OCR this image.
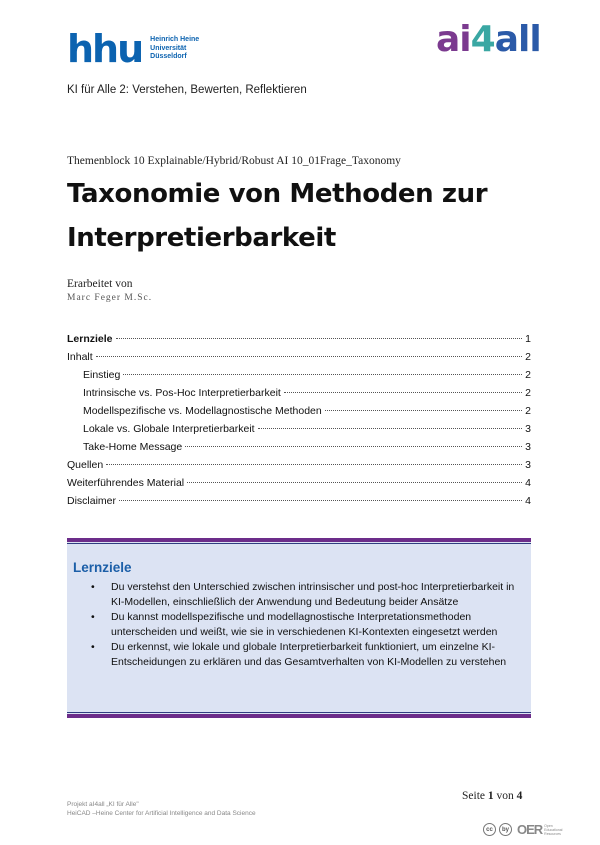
hhu Heinrich Heine
Universität
Düsseldorf	ai4all
KI für Alle 2: Verstehen, Bewerten, Reflektieren
Themenblock 10 Explainable/Hybrid/Robust AI 10_01Frage_Taxonomy
Taxonomie von Methoden zur Interpretierbarkeit
Erarbeitet von
Marc Feger M.Sc.
Lernziele	1
Inhalt	2
Einstieg	2
Intrinsische vs. Pos-Hoc Interpretierbarkeit	2
Modellspezifische vs. Modellagnostische Methoden	2
Lokale vs. Globale Interpretierbarkeit	3
Take-Home Message	3
Quellen	3
Weiterführendes Material	4
Disclaimer	4
Lernziele
• Du verstehst den Unterschied zwischen intrinsischer und post-hoc Interpretierbarkeit in KI-Modellen, einschließlich der Anwendung und Bedeutung beider Ansätze
• Du kannst modellspezifische und modellagnostische Interpretationsmethoden unterscheiden und weißt, wie sie in verschiedenen KI-Kontexten eingesetzt werden
• Du erkennst, wie lokale und globale Interpretierbarkeit funktioniert, um einzelne KI-Entscheidungen zu erklären und das Gesamtverhalten von KI-Modellen zu verstehen
Seite 1 von 4
Projekt aI4all „KI für Alle"
HeiCAD –Heine Center for Artificial Intelligence and Data Science
cc	by OER Open
Educational
Resources
